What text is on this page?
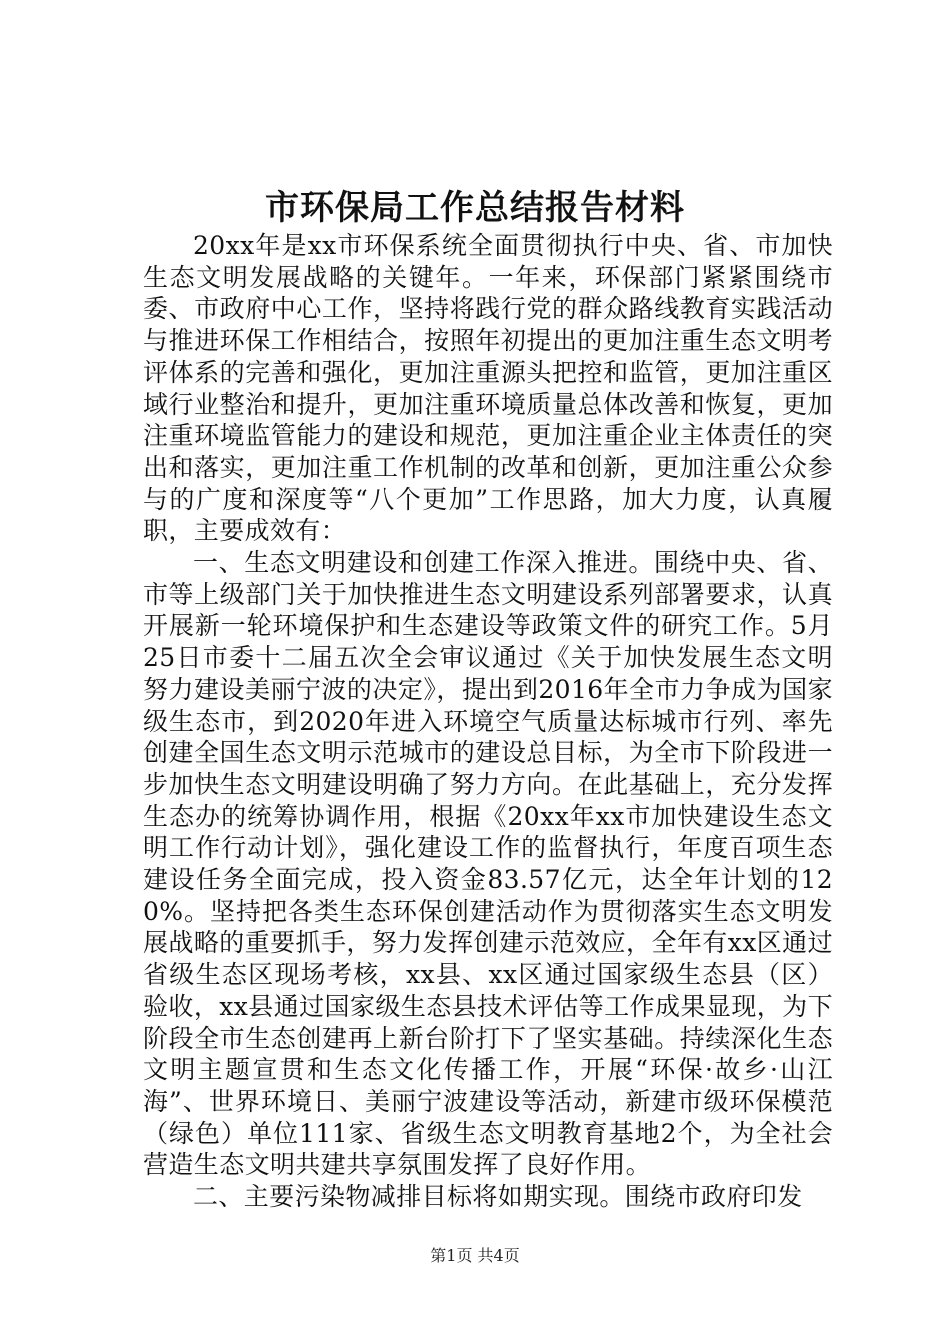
市环保局工作总结报告材料

20xx年是xx市环保系统全面贯彻执行中央、省、市加快生态文明发展战略的关键年。一年来，环保部门紧紧围绕市委、市政府中心工作，坚持将践行党的群众路线教育实践活动与推进环保工作相结合，按照年初提出的更加注重生态文明考评体系的完善和强化，更加注重源头把控和监管，更加注重区域行业整治和提升，更加注重环境质量总体改善和恢复，更加注重环境监管能力的建设和规范，更加注重企业主体责任的突出和落实，更加注重工作机制的改革和创新，更加注重公众参与的广度和深度等“八个更加”工作思路，加大力度，认真履职，主要成效有：

一、生态文明建设和创建工作深入推进。围绕中央、省、市等上级部门关于加快推进生态文明建设系列部署要求，认真开展新一轮环境保护和生态建设等政策文件的研究工作。5月25日市委十二届五次全会审议通过《关于加快发展生态文明努力建设美丽宁波的决定》，提出到2016年全市力争成为国家级生态市，到2020年进入环境空气质量达标城市行列、率先创建全国生态文明示范城市的建设总目标，为全市下阶段进一步加快生态文明建设明确了努力方向。在此基础上，充分发挥生态办的统筹协调作用，根据《20xx年xx市加快建设生态文明工作行动计划》，强化建设工作的监督执行，年度百项生态建设任务全面完成，投入资金83.57亿元，达全年计划的120%。坚持把各类生态环保创建活动作为贯彻落实生态文明发展战略的重要抓手，努力发挥创建示范效应，全年有xx区通过省级生态区现场考核，xx县、xx区通过国家级生态县（区）验收，xx县通过国家级生态县技术评估等工作成果显现，为下阶段全市生态创建再上新台阶打下了坚实基础。持续深化生态文明主题宣贯和生态文化传播工作，开展“环保·故乡·山江海”、世界环境日、美丽宁波建设等活动，新建市级环保模范（绿色）单位111家、省级生态文明教育基地2个，为全社会营造生态文明共建共享氛围发挥了良好作用。

二、主要污染物减排目标将如期实现。围绕市政府印发

第1页 共4页
